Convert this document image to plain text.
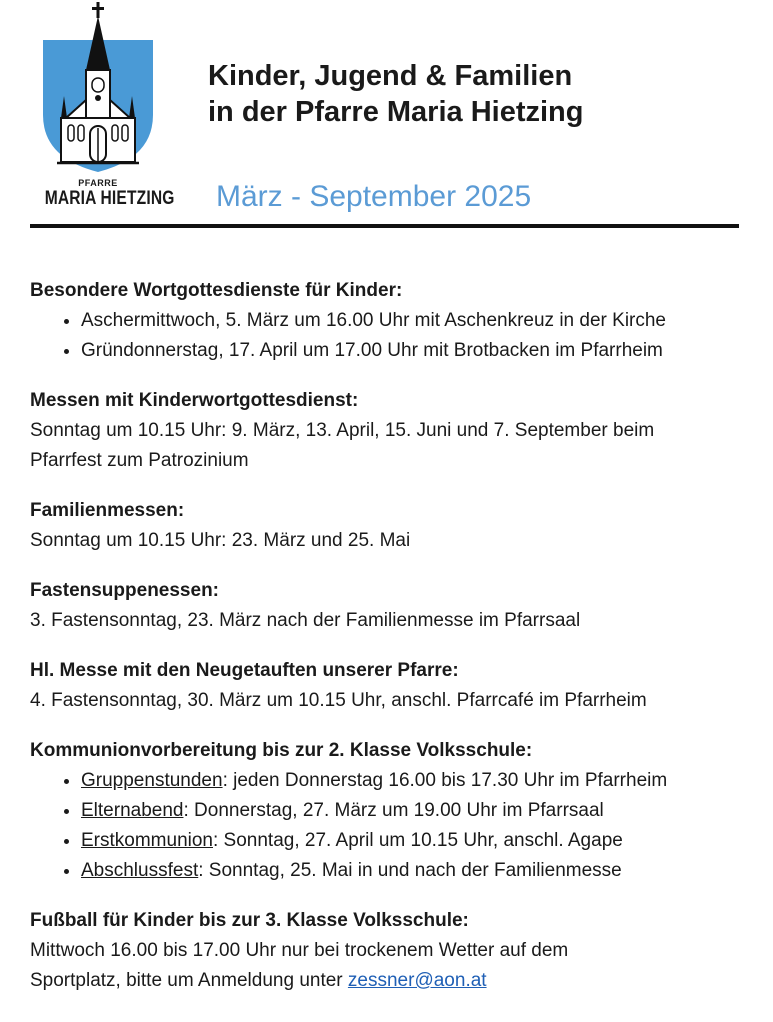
PFARRE
MARIA HIETZING
Kinder, Jugend & Familien
in der Pfarre Maria Hietzing
März - September 2025
Besondere Wortgottesdienste für Kinder:
• Aschermittwoch, 5. März um 16.00 Uhr mit Aschenkreuz in der Kirche
• Gründonnerstag, 17. April um 17.00 Uhr mit Brotbacken im Pfarrheim
Messen mit Kinderwortgottesdienst:
Sonntag um 10.15 Uhr: 9. März, 13. April, 15. Juni und 7. September beim
Pfarrfest zum Patrozinium
Familienmessen:
Sonntag um 10.15 Uhr: 23. März und 25. Mai
Fastensuppenessen:
3. Fastensonntag, 23. März nach der Familienmesse im Pfarrsaal
Hl. Messe mit den Neugetauften unserer Pfarre:
4. Fastensonntag, 30. März um 10.15 Uhr, anschl. Pfarrcafé im Pfarrheim
Kommunionvorbereitung bis zur 2. Klasse Volksschule:
• Gruppenstunden: jeden Donnerstag 16.00 bis 17.30 Uhr im Pfarrheim
• Elternabend: Donnerstag, 27. März um 19.00 Uhr im Pfarrsaal
• Erstkommunion: Sonntag, 27. April um 10.15 Uhr, anschl. Agape
• Abschlussfest: Sonntag, 25. Mai in und nach der Familienmesse
Fußball für Kinder bis zur 3. Klasse Volksschule:
Mittwoch 16.00 bis 17.00 Uhr nur bei trockenem Wetter auf dem
Sportplatz, bitte um Anmeldung unter zessner@aon.at
